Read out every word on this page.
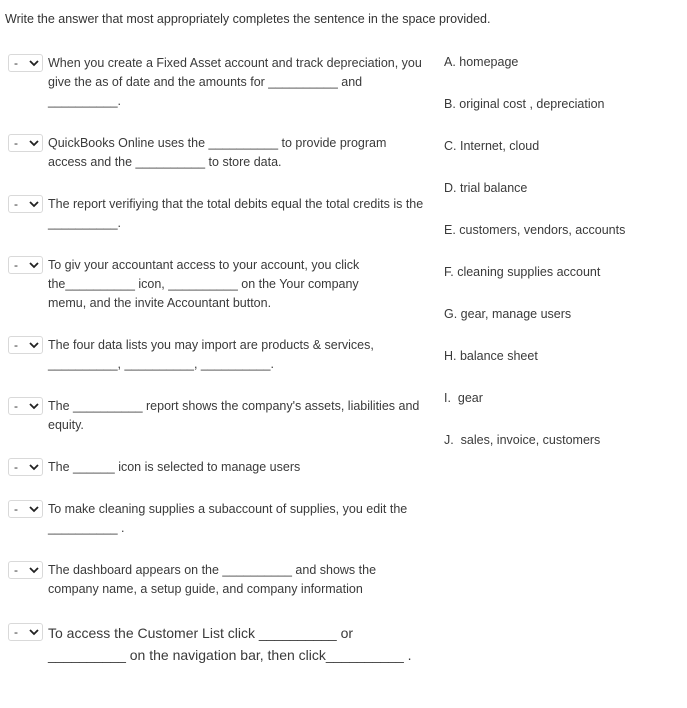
Write the answer that most appropriately completes the sentence in the space provided.
- When you create a Fixed Asset account and track depreciation, you give the as of date and the amounts for __________ and __________.
- QuickBooks Online uses the __________ to provide program access and the __________ to store data.
- The report verifiying that the total debits equal the total credits is the __________.
- To giv your accountant access to your account, you click the__________ icon, __________ on the Your company memu, and the invite Accountant button.
- The four data lists you may import are products & services, __________, __________, __________.
- The __________ report shows the company's assets, liabilities and equity.
- The ______ icon is selected to manage users
- To make cleaning supplies a subaccount of supplies, you edit the __________ .
- The dashboard appears on the __________ and shows the company name, a setup guide, and company information
- To access the Customer List click __________ or __________ on the navigation bar, then click__________ .
A. homepage
B. original cost , depreciation
C. Internet, cloud
D. trial balance
E. customers, vendors, accounts
F. cleaning supplies account
G. gear, manage users
H. balance sheet
I.  gear
J.  sales, invoice, customers
